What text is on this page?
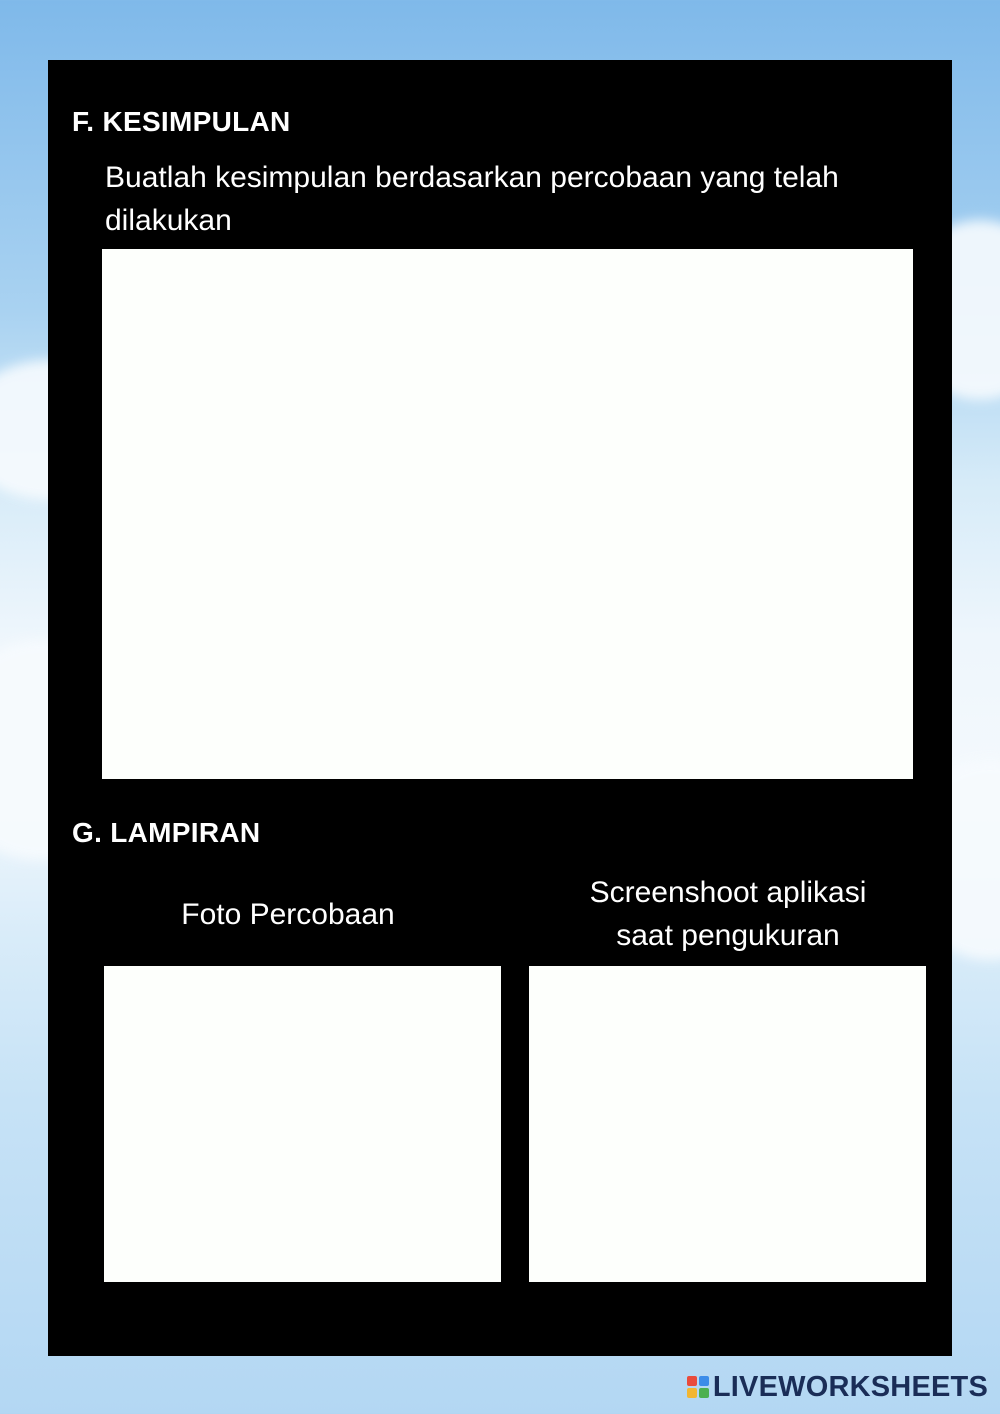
F. KESIMPULAN

Buatlah kesimpulan berdasarkan percobaan yang telah dilakukan

G. LAMPIRAN
Foto Percobaan
Screenshoot aplikasi
saat pengukuran
LIVEWORKSHEETS
